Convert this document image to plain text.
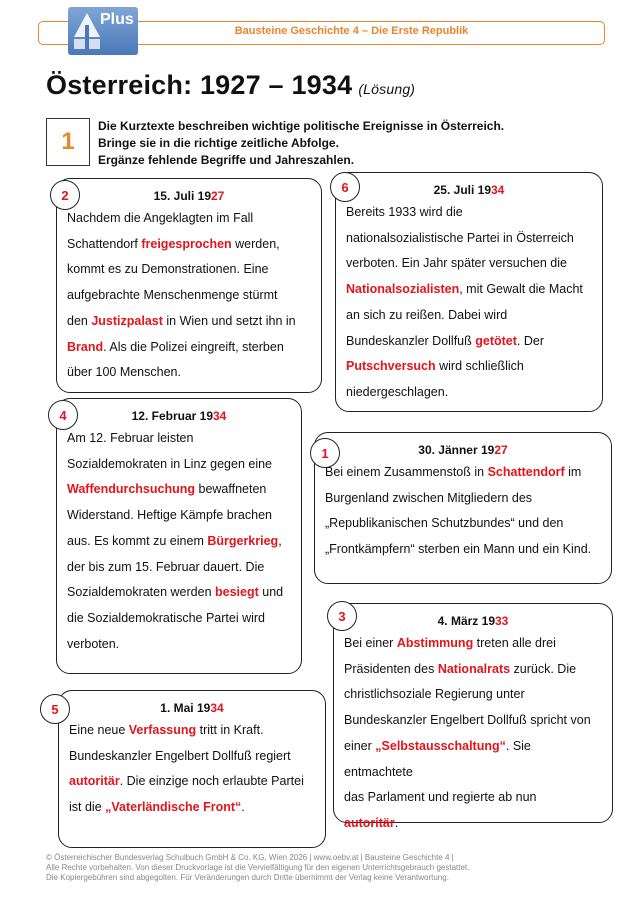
Bausteine Geschichte 4 – Die Erste Republik
Plus
Österreich: 1927 – 1934 (Lösung)
1
Die Kurztexte beschreiben wichtige politische Ereignisse in Österreich.
Bringe sie in die richtige zeitliche Abfolge.
Ergänze fehlende Begriffe und Jahreszahlen.
15. Juli 1927
Nachdem die Angeklagten im Fall
Schattendorf freigesprochen werden,
kommt es zu Demonstrationen. Eine
aufgebrachte Menschenmenge stürmt
den Justizpalast in Wien und setzt ihn in
Brand. Als die Polizei eingreift, sterben
über 100 Menschen.
2	25. Juli 1934
Bereits 1933 wird die
nationalsozialistische Partei in Österreich
verboten. Ein Jahr später versuchen die
Nationalsozialisten, mit Gewalt die Macht
an sich zu reißen. Dabei wird
Bundeskanzler Dollfuß getötet. Der
Putschversuch wird schließlich
niedergeschlagen.
6
12. Februar 1934
Am 12. Februar leisten
Sozialdemokraten in Linz gegen eine
Waffendurchsuchung bewaffneten
Widerstand. Heftige Kämpfe brachen
aus. Es kommt zu einem Bürgerkrieg,
der bis zum 15. Februar dauert. Die
Sozialdemokraten werden besiegt und
die Sozialdemokratische Partei wird
verboten.
4
30. Jänner 1927
Bei einem Zusammenstoß in Schattendorf im
Burgenland zwischen Mitgliedern des
„Republikanischen Schutzbundes“ und den
„Frontkämpfern“ sterben ein Mann und ein Kind.
1
4. März 1933
Bei einer Abstimmung treten alle drei
Präsidenten des Nationalrats zurück. Die
christlichsoziale Regierung unter
Bundeskanzler Engelbert Dollfuß spricht von
einer „Selbstausschaltung“. Sie entmachtete
das Parlament und regierte ab nun
autoritär.
3
1. Mai 1934
Eine neue Verfassung tritt in Kraft.
Bundeskanzler Engelbert Dollfuß regiert
autoritär. Die einzige noch erlaubte Partei
ist die „Vaterländische Front“.
5
© Österreichischer Bundesverlag Schulbuch GmbH & Co. KG, Wien 2026 | www.oebv.at | Bausteine Geschichte 4 |
Alle Rechte vorbehalten. Von dieser Druckvorlage ist die Vervielfältigung für den eigenen Unterrichtsgebrauch gestattet.
Die Kopiergebühren sind abgegolten. Für Veränderungen durch Dritte übernimmt der Verlag keine Verantwortung.
